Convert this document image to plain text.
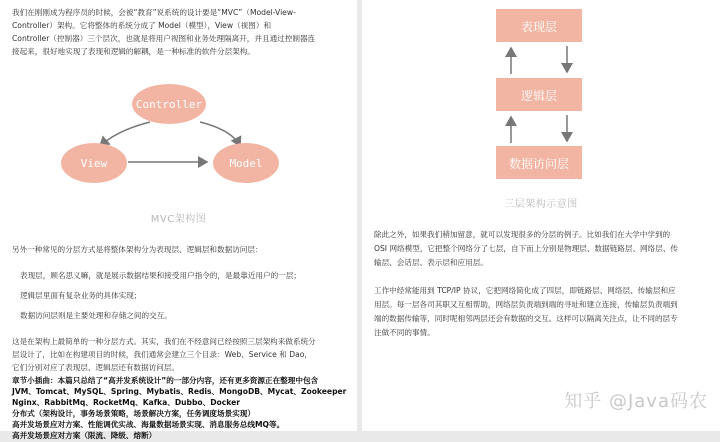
我们在刚刚成为程序员的时候，会被“教育”说系统的设计要是“MVC”（Model-View-
Controller）架构。它将整体的系统分成了 Model（模型），View（视图）和
Controller（控制器）三个层次，也就是将用户视图和业务处理隔离开，并且通过控制器连
接起来，很好地实现了表现和逻辑的解耦，是一种标准的软件分层架构。
Controller
View	Model
MVC架构图
另外一种常见的分层方式是将整体架构分为表现层、逻辑层和数据访问层：
表现层，顾名思义嘛，就是展示数据结果和接受用户指令的，是最靠近用户的一层；
逻辑层里面有复杂业务的具体实现；
数据访问层则是主要处理和存储之间的交互。
这是在架构上最简单的一种分层方式。其实，我们在不经意间已经按照三层架构来做系统分
层设计了，比如在构建项目的时候，我们通常会建立三个目录：Web、Service 和 Dao，
它们分别对应了表现层、逻辑层还有数据访问层。
章节小插曲：本篇只总结了“高并发系统设计”的一部分内容，还有更多资源正在整理中包含
JVM、Tomcat、MySQL、Spring、Mybatis、Redis、MongoDB、Mycat、Zookeeper
Nginx、RabbitMq、RocketMq、Kafka、Dubbo、Docker
分布式（架构设计，事务场景策略，场景解决方案，任务调度场景实现）
高并发场景应对方案、性能调优实战、海量数据场景实现、消息服务总线MQ等。
高并发场景应对方案（限流、降级、熔断）
表现层
逻辑层
数据访问层
三层架构示意图
除此之外，如果我们稍加留意，就可以发现很多的分层的例子。比如我们在大学中学到的
OSI 网络模型，它把整个网络分了七层，自下而上分别是物理层、数据链路层、网络层、传
输层、会话层、表示层和应用层。
工作中经常能用到 TCP/IP 协议，它把网络简化成了四层，即链路层、网络层、传输层和应
用层。每一层各司其职又互相帮助，网络层负责端到端的寻址和建立连接，传输层负责端到
端的数据传输等，同时呢相邻两层还会有数据的交互。这样可以隔离关注点，让不同的层专
注做不同的事情。
知乎 @Java码农
